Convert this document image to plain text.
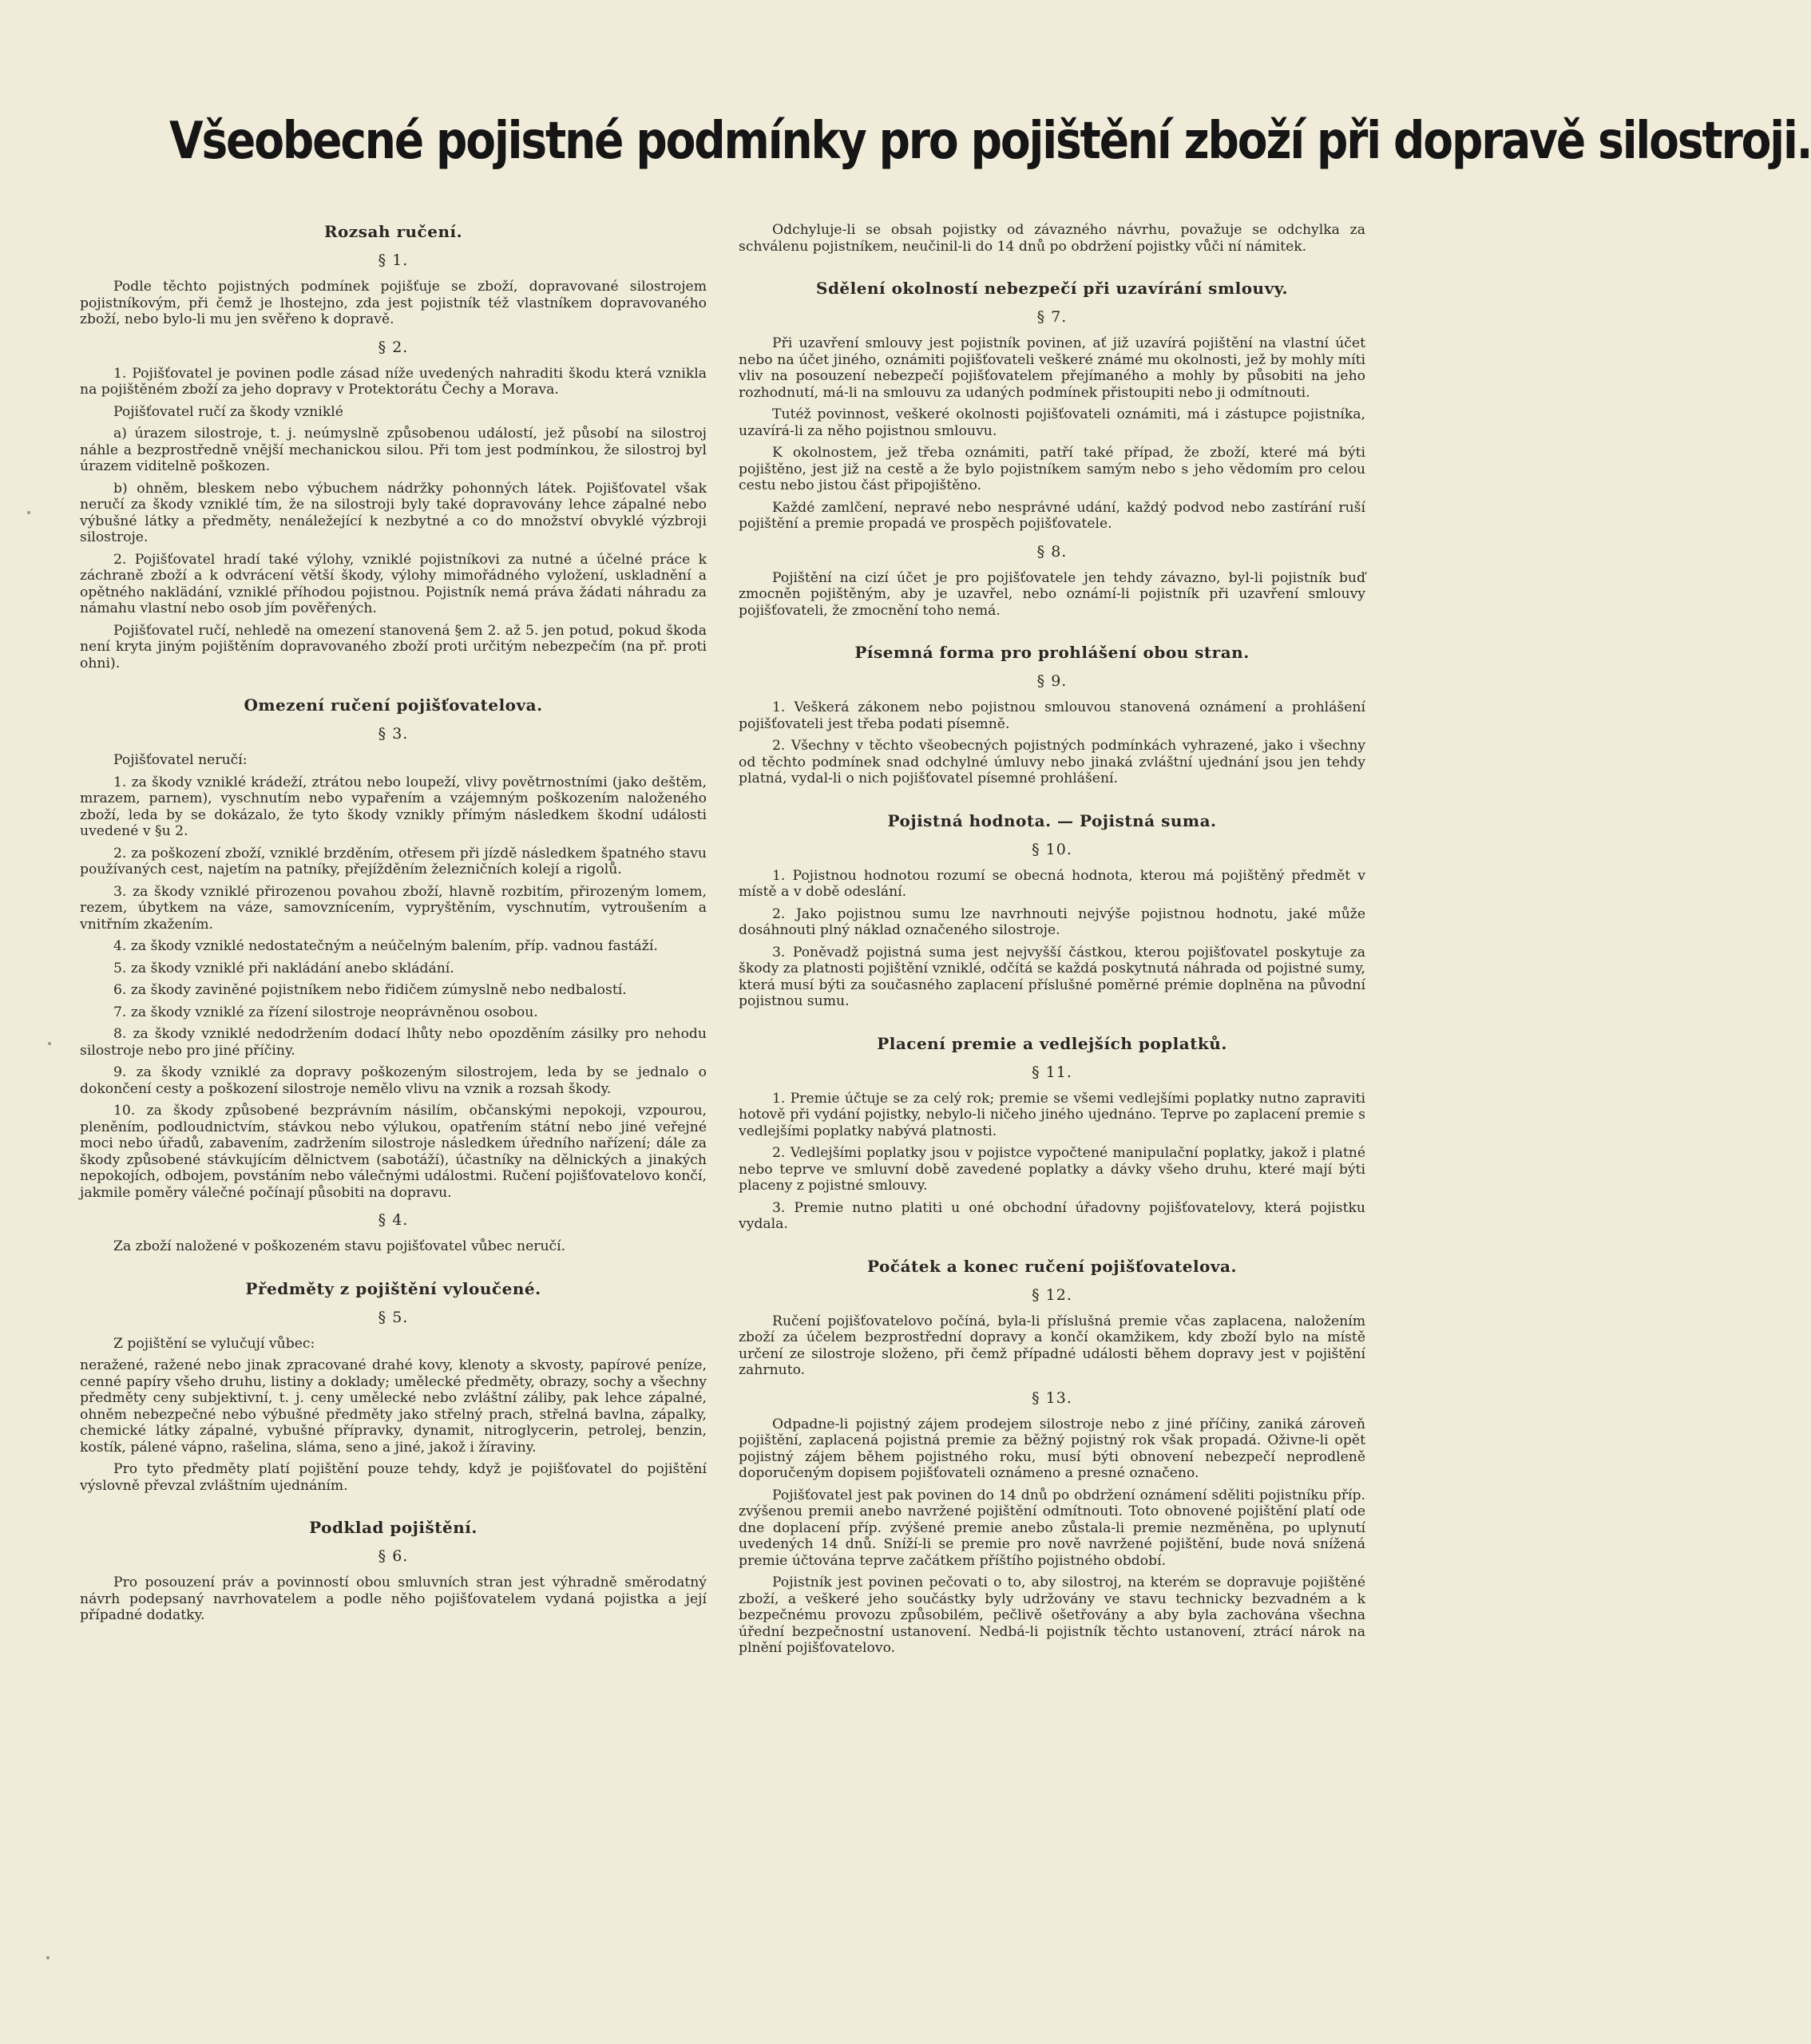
Všeobecné pojistné podmínky pro pojištění zboží při dopravě silostroji.
Rozsah ručení.
§ 1.

Podle těchto pojistných podmínek pojišťuje se zboží, dopravované silostrojem pojistníkovým, při čemž je lhostejno, zda jest pojistník též vlastníkem dopravovaného zboží, nebo bylo-li mu jen svěřeno k dopravě.

§ 2.

1. Pojišťovatel je povinen podle zásad níže uvedených nahraditi škodu která vznikla na pojištěném zboží za jeho dopravy v Protektorátu Čechy a Morava.

Pojišťovatel ručí za škody vzniklé

a) úrazem silostroje, t. j. neúmyslně způsobenou událostí, jež působí na silostroj náhle a bezprostředně vnější mechanickou silou. Při tom jest podmínkou, že silostroj byl úrazem viditelně poškozen.

b) ohněm, bleskem nebo výbuchem nádržky pohonných látek. Pojišťovatel však neručí za škody vzniklé tím, že na silostroji byly také dopravovány lehce zápalné nebo výbušné látky a předměty, nenáležející k nezbytné a co do množství obvyklé výzbroji silostroje.

2. Pojišťovatel hradí také výlohy, vzniklé pojistníkovi za nutné a účelné práce k záchraně zboží a k odvrácení větší škody, výlohy mimořádného vyložení, uskladnění a opětného naklädání, vzniklé příhodou pojistnou. Pojistník nemá práva žádati náhradu za námahu vlastní nebo osob jím pověřených.

Pojišťovatel ručí, nehledě na omezení stanovená §em 2. až 5. jen potud, pokud škoda není kryta jiným pojištěním dopravovaného zboží proti určitým nebezpečím (na př. proti ohni).

Omezení ručení pojišťovatelova.
§ 3.

Pojišťovatel neručí:

1. za škody vzniklé krádeží, ztrátou nebo loupeží, vlivy povětrnostními (jako deštěm, mrazem, parnem), vyschnutím nebo vypařením a vzájemným poškozením naloženého zboží, leda by se dokázalo, že tyto škody vznikly přímým následkem škodní události uvedené v §u 2.

2. za poškození zboží, vzniklé brzděním, otřesem při jízdě následkem špatného stavu používaných cest, najetím na patníky, přejížděním železničních kolejí a rigolů.

3. za škody vzniklé přirozenou povahou zboží, hlavně rozbitím, přirozeným lomem, rezem, úbytkem na váze, samovznícením, vypryštěním, vyschnutím, vytroušením a vnitřním zkažením.

4. za škody vzniklé nedostatečným a neúčelným balením, příp. vadnou fastáží.

5. za škody vzniklé při nakládání anebo skládání.

6. za škody zaviněné pojistníkem nebo řidičem zúmyslně nebo nedbalostí.

7. za škody vzniklé za řízení silostroje neoprávněnou osobou.

8. za škody vzniklé nedodržením dodací lhůty nebo opozděním zásilky pro nehodu silostroje nebo pro jiné příčiny.

9. za škody vzniklé za dopravy poškozeným silostrojem, leda by se jednalo o dokončení cesty a poškození silostroje nemělo vlivu na vznik a rozsah škody.

10. za škody způsobené bezprávním násilím, občanskými nepokoji, vzpourou, pleněním, podloudnictvím, stávkou nebo výlukou, opatřením státní nebo jiné veřejné moci nebo úřadů, zabavením, zadržením silostroje následkem úředního nařízení; dále za škody způsobené stávkujícím dělnictvem (sabotáží), účastníky na dělnických a jinakých nepokojích, odbojem, povstáním nebo válečnými událostmi. Ručení pojišťovatelovo končí, jakmile poměry válečné počínají působiti na dopravu.

§ 4.

Za zboží naložené v poškozeném stavu pojišťovatel vůbec neručí.

Předměty z pojištění vyloučené.
§ 5.

Z pojištění se vylučují vůbec:

neražené, ražené nebo jinak zpracované drahé kovy, klenoty a skvosty, papírové peníze, cenné papíry všeho druhu, listiny a doklady; umělecké předměty, obrazy, sochy a všechny předměty ceny subjektivní, t. j. ceny umělecké nebo zvláštní záliby, pak lehce zápalné, ohněm nebezpečné nebo výbušné předměty jako střelný prach, střelná bavlna, zápalky, chemické látky zápalné, vybušné přípravky, dynamit, nitroglycerin, petrolej, benzin, kostík, pálené vápno, rašelina, sláma, seno a jiné, jakož i žíraviny.

Pro tyto předměty platí pojištění pouze tehdy, když je pojišťovatel do pojištění výslovně převzal zvláštním ujednáním.

Podklad pojištění.
§ 6.

Pro posouzení práv a povinností obou smluvních stran jest výhradně směrodatný návrh podepsaný navrhovatelem a podle něho pojišťovatelem vydaná pojistka a její případné dodatky.

Odchyluje-li se obsah pojistky od závazného návrhu, považuje se odchylka za schválenu pojistníkem, neučinil-li do 14 dnů po obdržení pojistky vůči ní námitek.

Sdělení okolností nebezpečí při uzavírání smlouvy.
§ 7.

Při uzavření smlouvy jest pojistník povinen, ať již uzavírá pojištění na vlastní účet nebo na účet jiného, oznámiti pojišťovateli veškeré známé mu okolnosti, jež by mohly míti vliv na posouzení nebezpečí pojišťovatelem přejímaného a mohly by působiti na jeho rozhodnutí, má-li na smlouvu za udaných podmínek přistoupiti nebo ji odmítnouti.

Tutéž povinnost, veškeré okolnosti pojišťovateli oznámiti, má i zástupce pojistníka, uzavírá-li za něho pojistnou smlouvu.

K okolnostem, jež třeba oznámiti, patří také případ, že zboží, které má býti pojištěno, jest již na cestě a že bylo pojistníkem samým nebo s jeho vědomím pro celou cestu nebo jistou část připojištěno.

Každé zamlčení, nepravé nebo nesprávné udání, každý podvod nebo zastírání ruší pojištění a premie propadá ve prospěch pojišťovatele.

§ 8.

Pojištění na cizí účet je pro pojišťovatele jen tehdy závazno, byl-li pojistník buď zmocněn pojištěným, aby je uzavřel, nebo oznámí-li pojistník při uzavření smlouvy pojišťovateli, že zmocnění toho nemá.

Písemná forma pro prohlášení obou stran.
§ 9.

1. Veškerá zákonem nebo pojistnou smlouvou stanovená oznámení a prohlášení pojišťovateli jest třeba podati písemně.

2. Všechny v těchto všeobecných pojistných podmínkách vyhrazené, jako i všechny od těchto podmínek snad odchylné úmluvy nebo jinaká zvláštní ujednání jsou jen tehdy platná, vydal-li o nich pojišťovatel písemné prohlášení.

Pojistná hodnota. — Pojistná suma.
§ 10.

1. Pojistnou hodnotou rozumí se obecná hodnota, kterou má pojištěný předmět v místě a v době odeslání.

2. Jako pojistnou sumu lze navrhnouti nejvýše pojistnou hodnotu, jaké může dosáhnouti plný náklad označeného silostroje.

3. Poněvadž pojistná suma jest nejvyšší částkou, kterou pojišťovatel poskytuje za škody za platnosti pojištění vzniklé, odčítá se každá poskytnutá náhrada od pojistné sumy, která musí býti za současného zaplacení příslušné poměrné prémie doplněna na původní pojistnou sumu.

Placení premie a vedlejších poplatků.
§ 11.

1. Premie účtuje se za celý rok; premie se všemi vedlejšími poplatky nutno zapraviti hotově při vydání pojistky, nebylo-li ničeho jiného ujednáno. Teprve po zaplacení premie s vedlejšími poplatky nabývá platnosti.

2. Vedlejšími poplatky jsou v pojistce vypočtené manipulační poplatky, jakož i platné nebo teprve ve smluvní době zavedené poplatky a dávky všeho druhu, které mají býti placeny z pojistné smlouvy.

3. Premie nutno platiti u oné obchodní úřadovny pojišťovatelovy, která pojistku vydala.

Počátek a konec ručení pojišťovatelova.
§ 12.

Ručení pojišťovatelovo počíná, byla-li příslušná premie včas zaplacena, naložením zboží za účelem bezprostřední dopravy a končí okamžikem, kdy zboží bylo na místě určení ze silostroje složeno, při čemž případné události během dopravy jest v pojištění zahrnuto.

§ 13.

Odpadne-li pojistný zájem prodejem silostroje nebo z jiné příčiny, zaniká zároveň pojištění, zaplacená pojistná premie za běžný pojistný rok však propadá. Oživne-li opět pojistný zájem během pojistného roku, musí býti obnovení nebezpečí neprodleně doporučeným dopisem pojišťovateli oznámeno a presné označeno.

Pojišťovatel jest pak povinen do 14 dnů po obdržení oznámení sděliti pojistníku příp. zvýšenou premii anebo navržené pojištění odmítnouti. Toto obnovené pojištění platí ode dne doplacení příp. zvýšené premie anebo zůstala-li premie nezměněna, po uplynutí uvedených 14 dnů. Sníží-li se premie pro nově navržené pojištění, bude nová snížená premie účtována teprve začátkem příštího pojistného období.

Pojistník jest povinen pečovati o to, aby silostroj, na kterém se dopravuje pojištěné zboží, a veškeré jeho součástky byly udržovány ve stavu technicky bezvadném a k bezpečnému provozu způsobilém, pečlivě ošetřovány a aby byla zachována všechna úřední bezpečnostní ustanovení. Nedbá-li pojistník těchto ustanovení, ztrácí nárok na plnění pojišťovatelovo.
